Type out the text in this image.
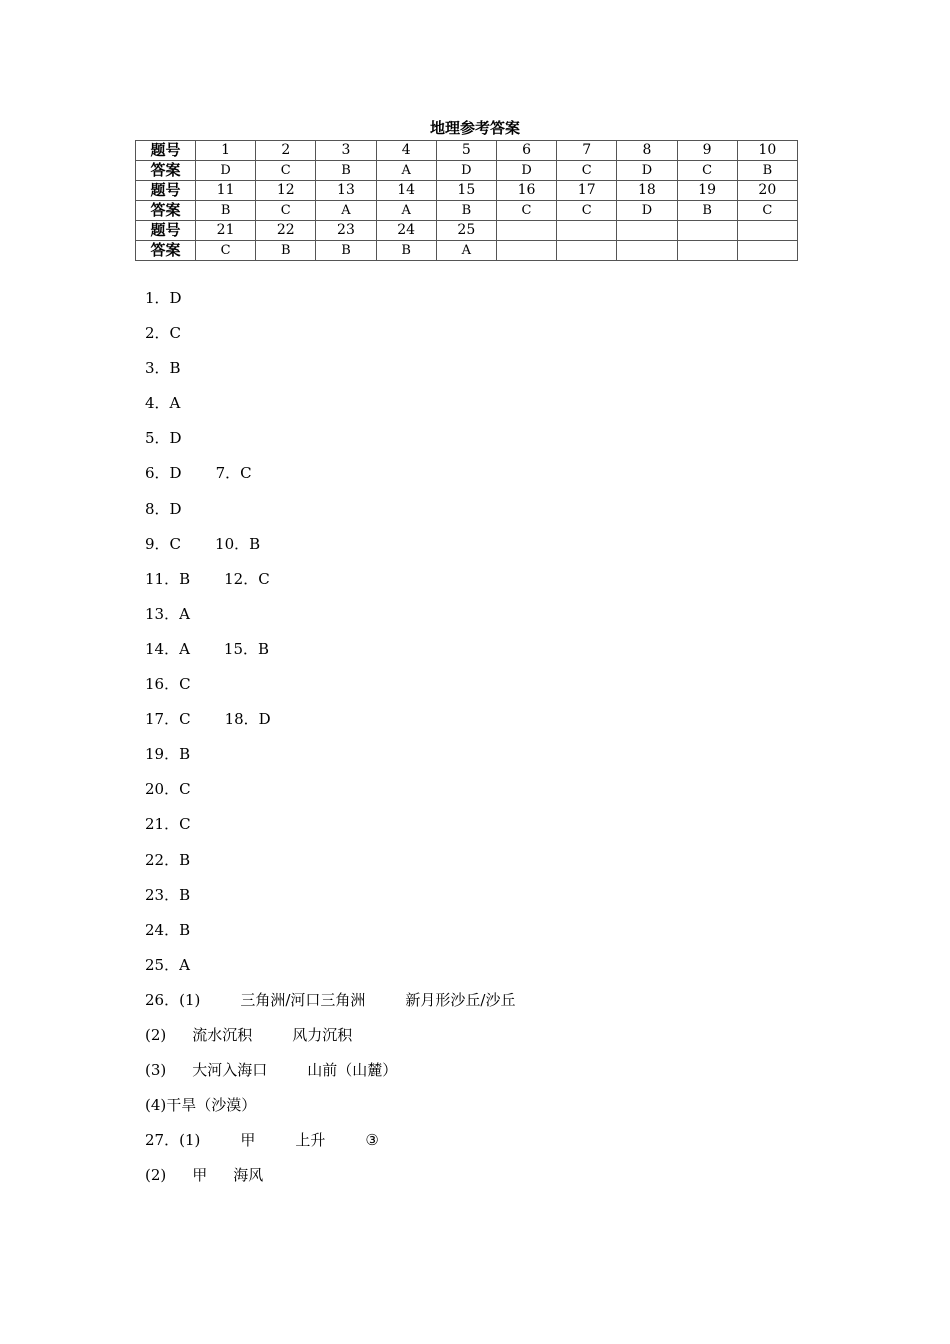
地理参考答案
题号	1	2	3	4	5	6	7	8	9	10
答案	D	C	B	A	D	D	C	D	C	B
题号	11	12	13	14	15	16	17	18	19	20
答案	B	C	A	A	B	C	C	D	B	C
题号	21	22	23	24	25					
答案	C	B	B	B	A					
1．D
2．C
3．B
4．A
5．D
6．D 7．C
8．D
9．C 10．B
11．B 12．C
13．A
14．A 15．B
16．C
17．C 18．D
19．B
20．C
21．C
22．B
23．B
24．B
25．A
26．(1)	三角洲/河口三角洲	新月形沙丘/沙丘
(2) 流水沉积	风力沉积
(3) 大河入海口	山前（山麓）
(4)干旱（沙漠）
27．(1)	甲	上升	③
(2) 甲 海风
